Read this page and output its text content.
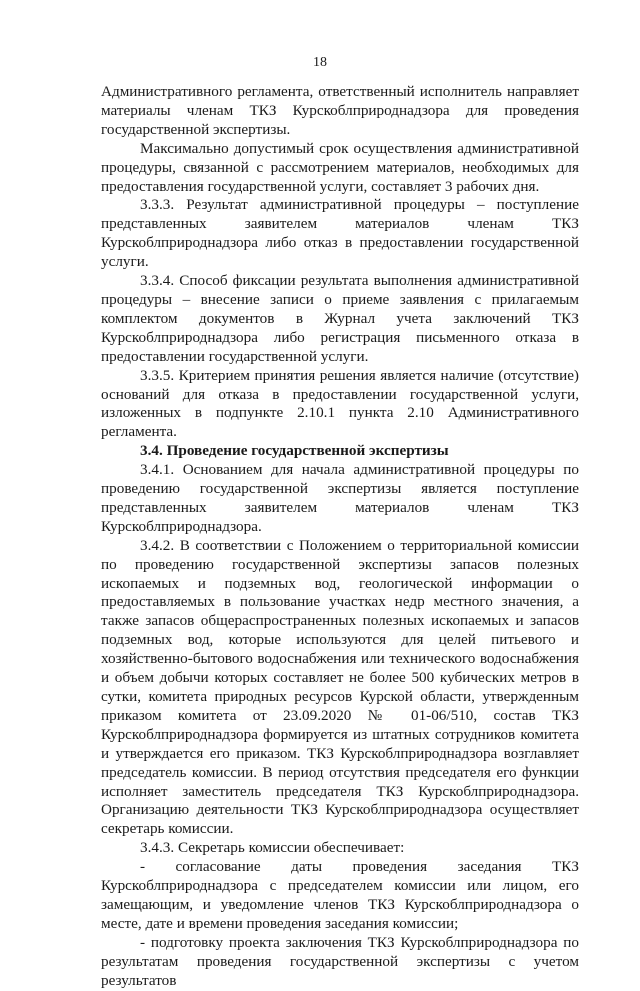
18

Административного регламента, ответственный исполнитель направляет материалы членам ТКЗ Курскоблприроднадзора для проведения государственной экспертизы.

Максимально допустимый срок осуществления административной процедуры, связанной с рассмотрением материалов, необходимых для предоставления государственной услуги, составляет 3 рабочих дня.

3.3.3. Результат административной процедуры – поступление представленных заявителем материалов членам ТКЗ Курскоблприроднадзора либо отказ в предоставлении государственной услуги.

3.3.4. Способ фиксации результата выполнения административной процедуры – внесение записи о приеме заявления с прилагаемым комплектом документов в Журнал учета заключений ТКЗ Курскоблприроднадзора либо регистрация письменного отказа в предоставлении государственной услуги.

3.3.5. Критерием принятия решения является наличие (отсутствие) оснований для отказа в предоставлении государственной услуги, изложенных в подпункте 2.10.1 пункта 2.10 Административного регламента.

3.4. Проведение государственной экспертизы

3.4.1. Основанием для начала административной процедуры по проведению государственной экспертизы является поступление представленных заявителем материалов членам ТКЗ Курскоблприроднадзора.

3.4.2. В соответствии с Положением о территориальной комиссии по проведению государственной экспертизы запасов полезных ископаемых и подземных вод, геологической информации о предоставляемых в пользование участках недр местного значения, а также запасов общераспространенных полезных ископаемых и запасов подземных вод, которые используются для целей питьевого и хозяйственно-бытового водоснабжения или технического водоснабжения и объем добычи которых составляет не более 500 кубических метров в сутки, комитета природных ресурсов Курской области, утвержденным приказом комитета от 23.09.2020 № 01-06/510, состав ТКЗ Курскоблприроднадзора формируется из штатных сотрудников комитета и утверждается его приказом. ТКЗ Курскоблприроднадзора возглавляет председатель комиссии. В период отсутствия председателя его функции исполняет заместитель председателя ТКЗ Курскоблприроднадзора. Организацию деятельности ТКЗ Курскоблприроднадзора осуществляет секретарь комиссии.

3.4.3. Секретарь комиссии обеспечивает:

- согласование даты проведения заседания ТКЗ Курскоблприроднадзора с председателем комиссии или лицом, его замещающим, и уведомление членов ТКЗ Курскоблприроднадзора о месте, дате и времени проведения заседания комиссии;

- подготовку проекта заключения ТКЗ Курскоблприроднадзора по результатам проведения государственной экспертизы с учетом результатов
